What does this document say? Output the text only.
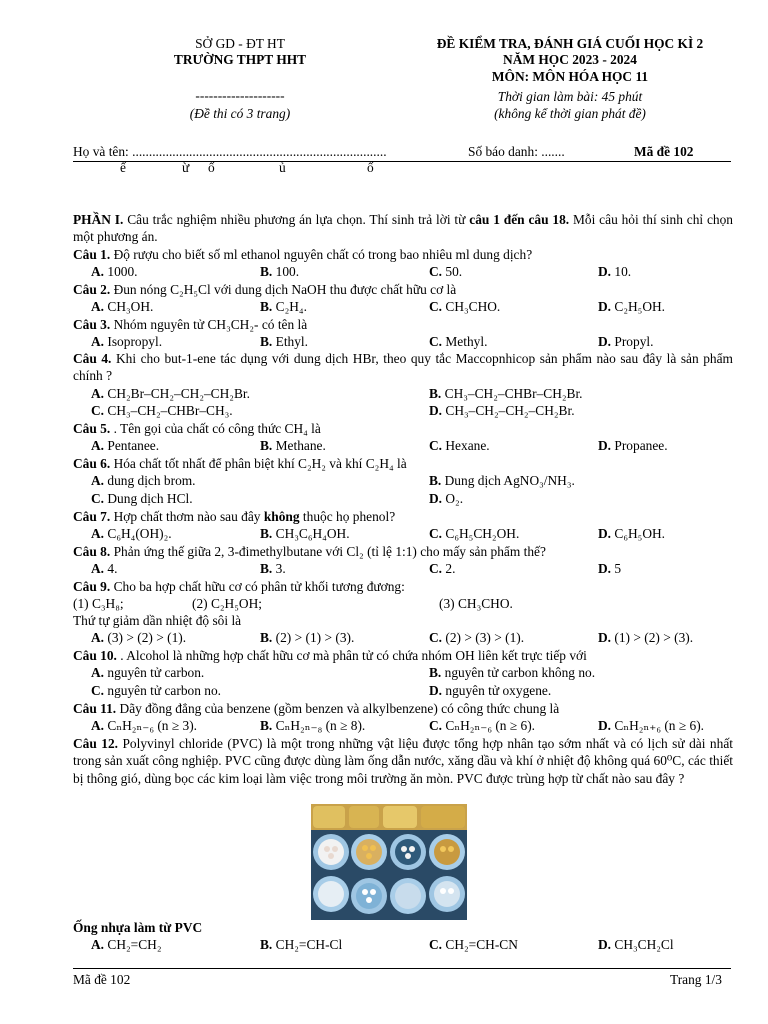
SỞ GD - ĐT HT
TRƯỜNG THPT HHT
--------------------
(Đề thi có 3 trang)
ĐỀ KIỂM TRA, ĐÁNH GIÁ CUỐI HỌC KÌ 2
NĂM HỌC 2023 - 2024
MÔN: MÔN HÓA HỌC 11
Thời gian làm bài: 45 phút
(không kể thời gian phát đề)
Họ và tên: ............................................................................	Số báo danh: .......	Mã đề 102
ế	ừ ố	ủ	ố
PHẦN I. Câu trắc nghiệm nhiều phương án lựa chọn. Thí sinh trả lời từ câu 1 đến câu 18. Mỗi câu hỏi thí sinh chỉ chọn một phương án.
Câu 1. Độ rượu cho biết số ml ethanol nguyên chất có trong bao nhiêu ml dung dịch?
A. 1000.	B. 100.	C. 50.	D. 10.
Câu 2. Đun nóng C₂H₅Cl với dung dịch NaOH thu được chất hữu cơ là
A. CH₃OH.	B. C₂H₄.	C. CH₃CHO.	D. C₂H₅OH.
Câu 3. Nhóm nguyên tử CH₃CH₂- có tên là
A. Isopropyl.	B. Ethyl.	C. Methyl.	D. Propyl.
Câu 4. Khi cho but-1-ene tác dụng với dung dịch HBr, theo quy tắc Maccopnhicop sản phẩm nào sau đây là sản phẩm chính ?
A. CH₂Br–CH₂–CH₂–CH₂Br.	B. CH₃–CH₂–CHBr–CH₂Br.
C. CH₃–CH₂–CHBr–CH₃.	D. CH₃–CH₂–CH₂–CH₂Br.
Câu 5. . Tên gọi của chất có công thức CH₄ là
A. Pentanee.	B. Methane.	C. Hexane.	D. Propanee.
Câu 6. Hóa chất tốt nhất để phân biệt khí C₂H₂ và khí C₂H₄ là
A. dung dịch brom.	B. Dung dịch AgNO₃/NH₃.
C. Dung dịch HCl.	D. O₂.
Câu 7. Hợp chất thơm nào sau đây không thuộc họ phenol?
A. C₆H₄(OH)₂.	B. CH₃C₆H₄OH.	C. C₆H₅CH₂OH.	D. C₆H₅OH.
Câu 8. Phản ứng thế giữa 2, 3-đimethylbutane với Cl₂ (tỉ lệ 1:1) cho mấy sản phẩm thế?
A. 4.	B. 3.	C. 2.	D. 5
Câu 9. Cho ba hợp chất hữu cơ có phân tử khối tương đương:
(1) C₃H₈;	(2) C₂H₅OH;	(3) CH₃CHO.
Thứ tự giảm dần nhiệt độ sôi là
A. (3) > (2) > (1).	B. (2) > (1) > (3).	C. (2) > (3) > (1).	D. (1) > (2) > (3).
Câu 10. . Alcohol là những hợp chất hữu cơ mà phân tử có chứa nhóm OH liên kết trực tiếp với
A. nguyên tử carbon.	B. nguyên tử carbon không no.
C. nguyên tử carbon no.	D. nguyên tử oxygene.
Câu 11. Dãy đồng đẳng của benzene (gồm benzen và alkylbenzene) có công thức chung là
A. CₙH₂ₙ₋₆ (n ≥ 3).	B. CₙH₂ₙ₋₈ (n ≥ 8).	C. CₙH₂ₙ₋₆ (n ≥ 6).	D. CₙH₂ₙ₊₆ (n ≥ 6).
Câu 12. Polyvinyl chloride (PVC) là một trong những vật liệu được tổng hợp nhân tạo sớm nhất và có lịch sử dài nhất trong sản xuất công nghiệp. PVC cũng được dùng làm ống dẫn nước, xăng dầu và khí ở nhiệt độ không quá 60⁰C, các thiết bị thông gió, dùng bọc các kim loại làm việc trong môi trường ăn mòn. PVC được trùng hợp từ chất nào sau đây ?
Ống nhựa làm từ PVC
A. CH₂=CH₂	B. CH₂=CH-Cl	C. CH₂=CH-CN	D. CH₃CH₂Cl
Mã đề 102	Trang 1/3
